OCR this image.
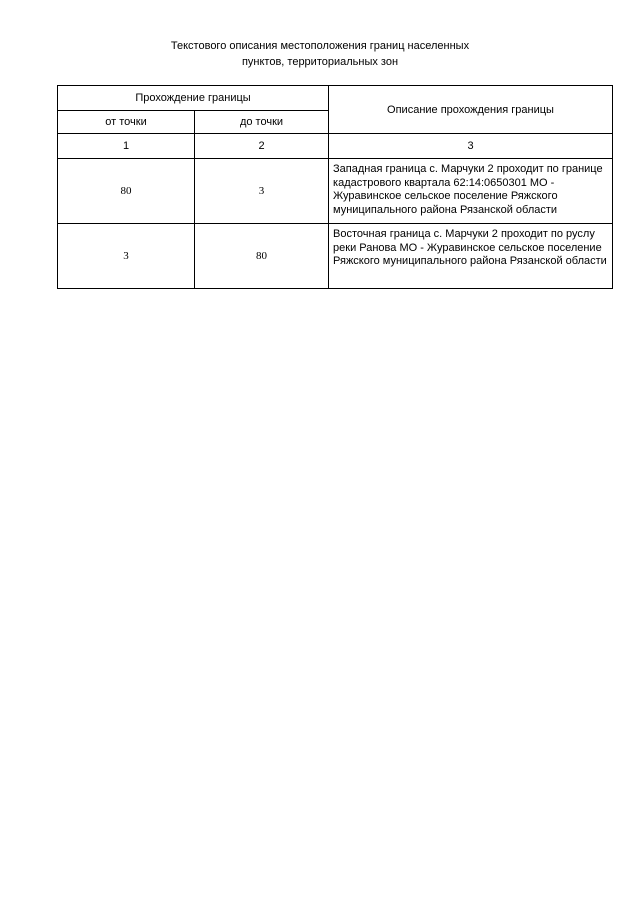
Текстового описания местоположения границ населенных
пунктов, территориальных зон
Прохождение границы		Описание прохождения границы
от точки	до точки	
1	2	3
80	3	Западная граница с. Марчуки 2 проходит по границе кадастрового квартала 62:14:0650301 МО - Журавинское сельское поселение Ряжского муниципального района Рязанской области
3	80	Восточная граница с. Марчуки 2 проходит по руслу реки Ранова МО - Журавинское сельское поселение Ряжского муниципального района Рязанской области
